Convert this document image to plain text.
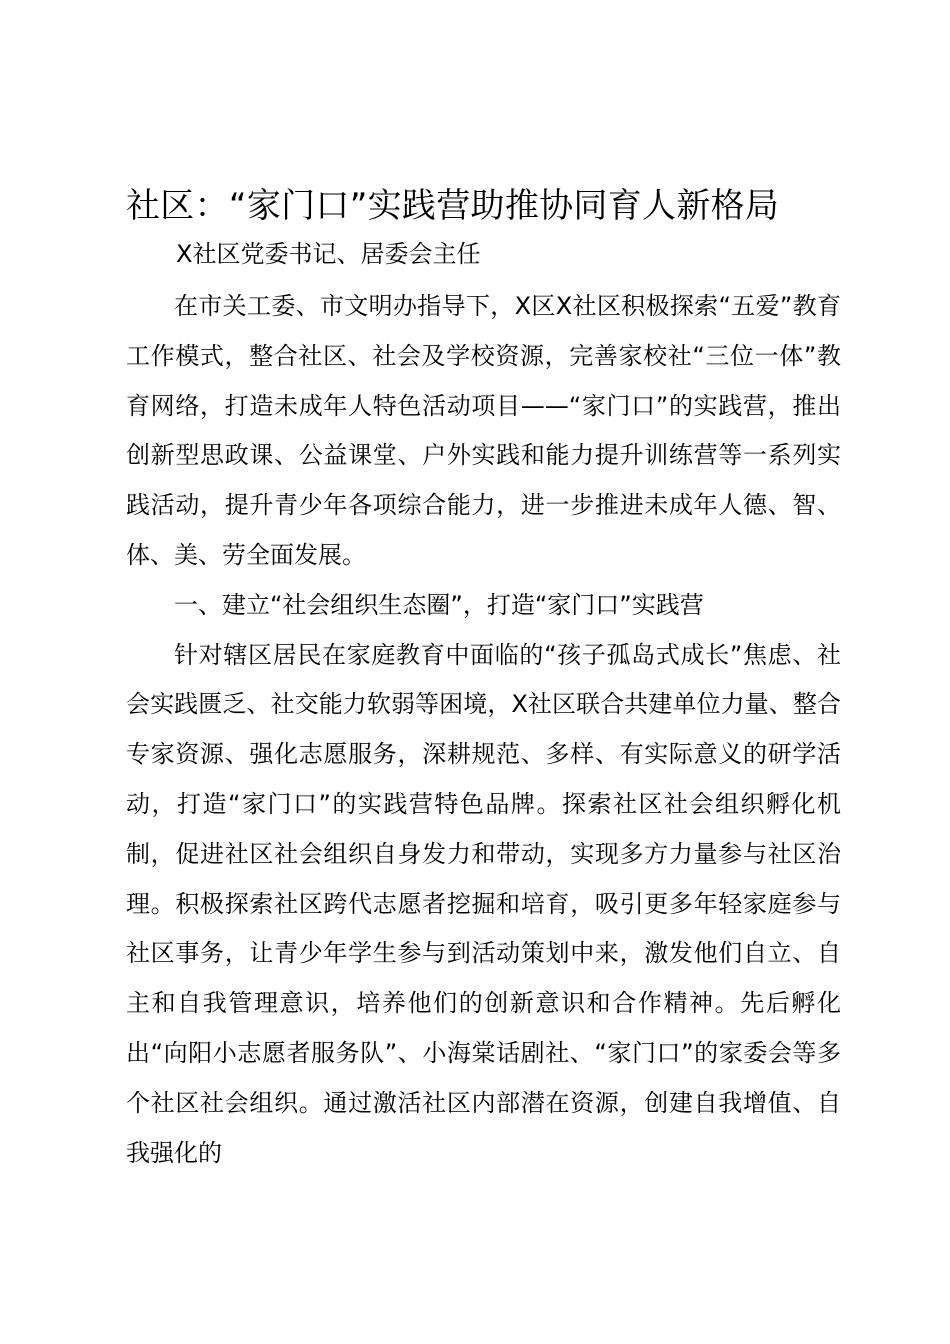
社区：“家门口”实践营助推协同育人新格局
X社区党委书记、居委会主任

在市关工委、市文明办指导下，X区X社区积极探索“五爱”教育工作模式，整合社区、社会及学校资源，完善家校社“三位一体”教育网络，打造未成年人特色活动项目——“家门口”的实践营，推出创新型思政课、公益课堂、户外实践和能力提升训练营等一系列实践活动，提升青少年各项综合能力，进一步推进未成年人德、智、体、美、劳全面发展。

一、建立“社会组织生态圈”，打造“家门口”实践营

针对辖区居民在家庭教育中面临的“孩子孤岛式成长”焦虑、社会实践匮乏、社交能力软弱等困境，X社区联合共建单位力量、整合专家资源、强化志愿服务，深耕规范、多样、有实际意义的研学活动，打造“家门口”的实践营特色品牌。探索社区社会组织孵化机制，促进社区社会组织自身发力和带动，实现多方力量参与社区治理。积极探索社区跨代志愿者挖掘和培育，吸引更多年轻家庭参与社区事务，让青少年学生参与到活动策划中来，激发他们自立、自主和自我管理意识，培养他们的创新意识和合作精神。先后孵化出“向阳小志愿者服务队”、小海棠话剧社、“家门口”的家委会等多个社区社会组织。通过激活社区内部潜在资源，创建自我增值、自我强化的
